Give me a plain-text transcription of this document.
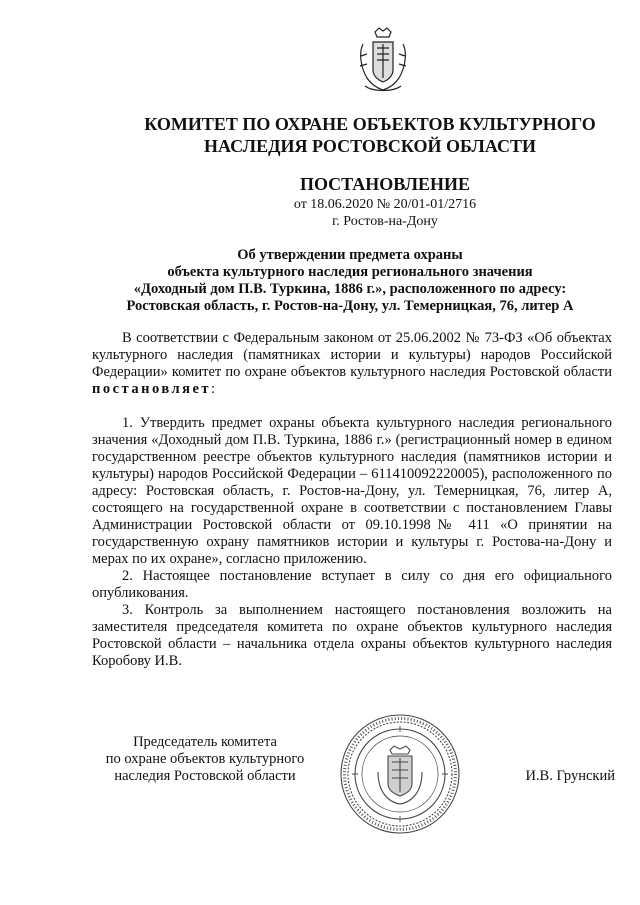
КОМИТЕТ ПО ОХРАНЕ ОБЪЕКТОВ КУЛЬТУРНОГО
НАСЛЕДИЯ РОСТОВСКОЙ ОБЛАСТИ
ПОСТАНОВЛЕНИЕ
от 18.06.2020 № 20/01-01/2716
г. Ростов-на-Дону
Об утверждении предмета охраны
объекта культурного наследия регионального значения
«Доходный дом П.В. Туркина, 1886 г.», расположенного по адресу:
Ростовская область, г. Ростов-на-Дону, ул. Темерницкая, 76, литер А

В соответствии с Федеральным законом от 25.06.2002 № 73-ФЗ «Об объектах культурного наследия (памятниках истории и культуры) народов Российской Федерации» комитет по охране объектов культурного наследия Ростовской области постановляет:

1. Утвердить предмет охраны объекта культурного наследия регионального значения «Доходный дом П.В. Туркина, 1886 г.» (регистрационный номер в едином государственном реестре объектов культурного наследия (памятников истории и культуры) народов Российской Федерации – 611410092220005), расположенного по адресу: Ростовская область, г. Ростов-на-Дону, ул. Темерницкая, 76, литер А, состоящего на государственной охране в соответствии с постановлением Главы Администрации Ростовской области от 09.10.1998№ 411 «О принятии на государственную охрану памятников истории и культуры г. Ростова-на-Дону и мерах по их охране», согласно приложению.

2. Настоящее постановление вступает в силу со дня его официального опубликования.

3. Контроль за выполнением настоящего постановления возложить на заместителя председателя комитета по охране объектов культурного наследия Ростовской области – начальника отдела охраны объектов культурного наследия Коробову И.В.

Председатель комитета
по охране объектов культурного
наследия Ростовской области	И.В. Грунский
